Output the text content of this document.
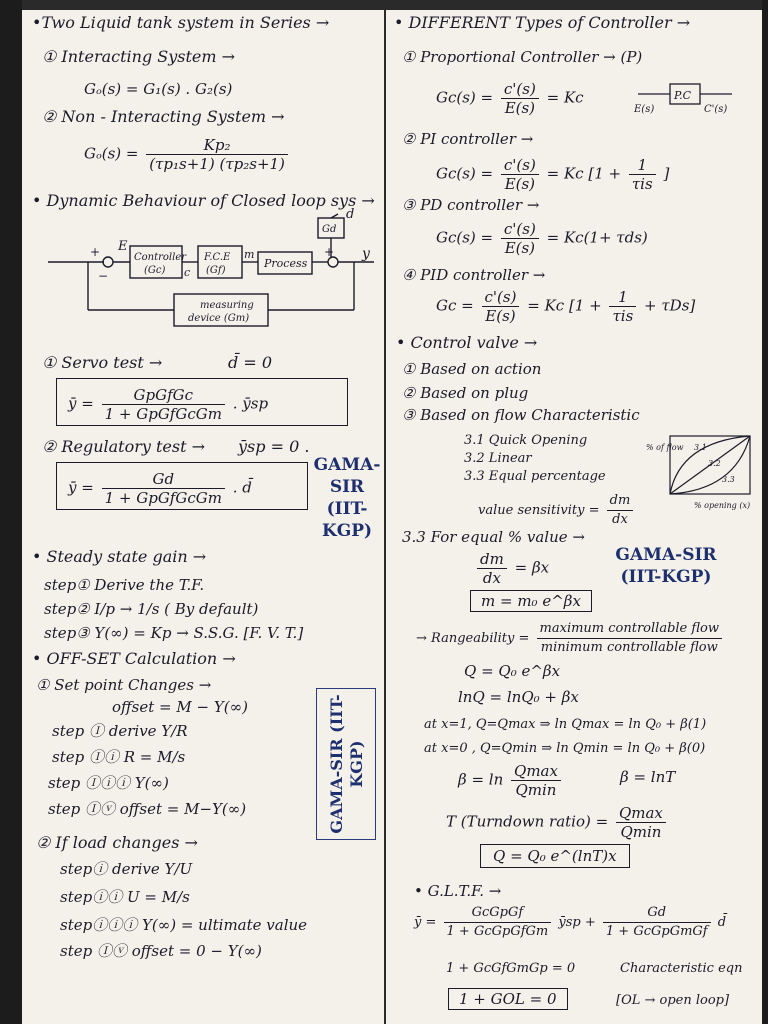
•Two Liquid tank system in Series →
① Interacting System →
Gₒ(s) = G₁(s) . G₂(s)
② Non - Interacting System →
$G_o(s) = \frac{\text{Kp₂}}{\text{(τp₁s+1) (τp₂s+1)}}$
• Dynamic Behaviour of Closed loop sys →
Controller
(Gc)
F.C.E
(Gf)
Process
Gd
measuring
device (Gm)
d
E	y
m
c
+
−
+
① Servo test →	d̄ = 0
ȳ = $\frac{\text{GpGfGc}}{\text{1 + GpGfGcGm}}$ . ȳsp
② Regulatory test → ȳsp = 0 .
ȳ = $\frac{Gd}{\text{1 + GpGfGcGm}}$ . d̄
GAMA-SIR
(IIT-KGP)
• Steady state gain →
step① Derive the T.F.
step② I/p → 1/s ( By default)
step③ Y(∞) = Kp → S.S.G. [F. V. T.]
• OFF-SET Calculation →
① Set point Changes →
offset = M − Y(∞)
step Ⓘ derive Y/R
step Ⓘⓘ R = M/s
step Ⓘⓘⓘ Y(∞)
step Ⓘⓥ offset = M−Y(∞)	GAMA-SIR (IIT-KGP)
② If load changes →
stepⓘ derive Y/U
stepⓘⓘ U = M/s
stepⓘⓘⓘ Y(∞) = ultimate value
step Ⓘⓥ offset = 0 − Y(∞)
• DIFFERENT Types of Controller →
① Proportional Controller → (P)
$Gc(s) = \frac{c'(s)}{E(s)} = Kc$	P.C
E(s)	C'(s)
② PI controller →
$Gc(s) = \frac{c'(s)}{E(s)} = Kc$ [$1 + \frac{1}{\text{τis}}$ ]
③ PD controller →
$Gc(s) = \frac{c'(s)}{E(s)} = Kc(1+ \tau ds)$
④ PID controller →
$Gc = \frac{c'(s)}{E(s)} = Kc$ $[1 + \frac{1}{\text{τis}} + \tau Ds]$
• Control valve →
① Based on action
② Based on plug
③ Based on flow Characteristic
3.1 Quick Opening
3.2 Linear
3.3 Equal percentage
value sensitivity = $\frac{dm}{dx}$
% of flow
% opening (x)
3.1
3.2
3.3
3.3 For equal % value →
$\frac{dm}{dx} = \beta x$
m = m₀ e^βx
GAMA-SIR
(IIT-KGP)
→ Rangeability = $\frac{\text{maximum controllable flow}}{\text{minimum controllable flow}}$
Q = Q₀ e^βx
lnQ = lnQ₀ + βx
at x=1, Q=Qmax ⇒ ln Qmax = ln Q₀ + β(1)
at x=0 , Q=Qmin ⇒ ln Qmin = ln Q₀ + β(0)
$\beta = \ln \frac{Qmax}{Qmin}$	β = lnT
T (Turndown ratio) = $\frac{Qmax}{Qmin}$
Q = Q₀ e^(lnT)x
• G.L.T.F. →
ȳ = $\frac{\text{GcGpGf}}{\text{1 + GcGpGfGm}}$ ȳsp + $\frac{Gd}{\text{1 + GcGpGmGf}}$ d̄
1 + GcGfGmGp = 0	Characteristic eqn
1 + GOL = 0	[OL → open loop]
